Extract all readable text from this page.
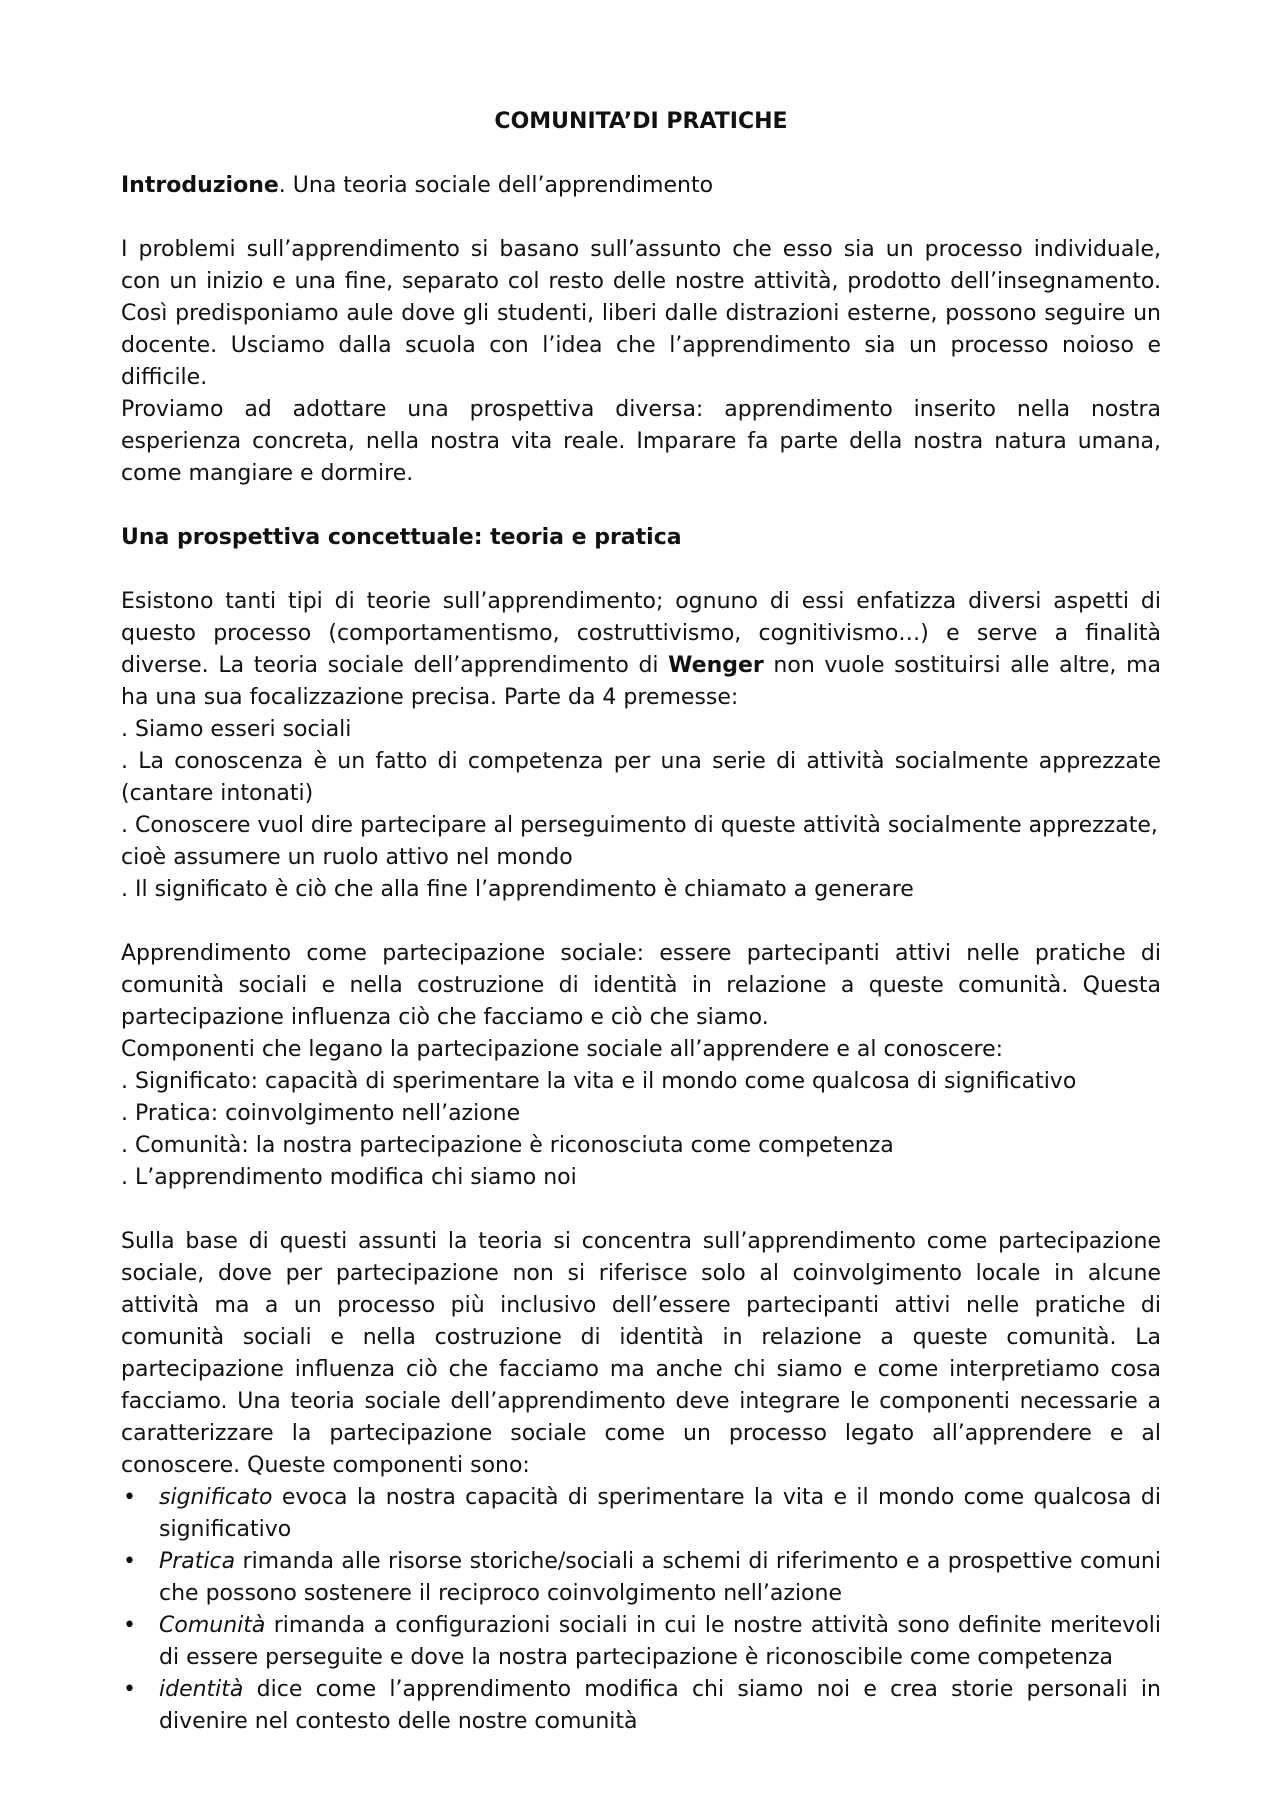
COMUNITA’DI PRATICHE

Introduzione. Una teoria sociale dell’apprendimento

I problemi sull’apprendimento si basano sull’assunto che esso sia un processo individuale, con un inizio e una fine, separato col resto delle nostre attività, prodotto dell’insegnamento. Così predisponiamo aule dove gli studenti, liberi dalle distrazioni esterne, possono seguire un docente. Usciamo dalla scuola con l’idea che l’apprendimento sia un processo noioso e difficile.

Proviamo ad adottare una prospettiva diversa: apprendimento inserito nella nostra esperienza concreta, nella nostra vita reale. Imparare fa parte della nostra natura umana, come mangiare e dormire.

Una prospettiva concettuale: teoria e pratica

Esistono tanti tipi di teorie sull’apprendimento; ognuno di essi enfatizza diversi aspetti di questo processo (comportamentismo, costruttivismo, cognitivismo…) e serve a finalità diverse. La teoria sociale dell’apprendimento di Wenger non vuole sostituirsi alle altre, ma ha una sua focalizzazione precisa. Parte da 4 premesse:

. Siamo esseri sociali

. La conoscenza è un fatto di competenza per una serie di attività socialmente apprezzate (cantare intonati)

. Conoscere vuol dire partecipare al perseguimento di queste attività socialmente apprezzate,

cioè assumere un ruolo attivo nel mondo

. Il significato è ciò che alla fine l’apprendimento è chiamato a generare

Apprendimento come partecipazione sociale: essere partecipanti attivi nelle pratiche di comunità sociali e nella costruzione di identità in relazione a queste comunità. Questa partecipazione influenza ciò che facciamo e ciò che siamo.

Componenti che legano la partecipazione sociale all’apprendere e al conoscere:

. Significato: capacità di sperimentare la vita e il mondo come qualcosa di significativo

. Pratica: coinvolgimento nell’azione

. Comunità: la nostra partecipazione è riconosciuta come competenza

. L’apprendimento modifica chi siamo noi

Sulla base di questi assunti la teoria si concentra sull’apprendimento come partecipazione sociale, dove per partecipazione non si riferisce solo al coinvolgimento locale in alcune attività ma a un processo più inclusivo dell’essere partecipanti attivi nelle pratiche di comunità sociali e nella costruzione di identità in relazione a queste comunità. La partecipazione influenza ciò che facciamo ma anche chi siamo e come interpretiamo cosa facciamo. Una teoria sociale dell’apprendimento deve integrare le componenti necessarie a caratterizzare la partecipazione sociale come un processo legato all’apprendere e al conoscere. Queste componenti sono:

• significato evoca la nostra capacità di sperimentare la vita e il mondo come qualcosa di significativo
• Pratica rimanda alle risorse storiche/sociali a schemi di riferimento e a prospettive comuni che possono sostenere il reciproco coinvolgimento nell’azione
• Comunità rimanda a configurazioni sociali in cui le nostre attività sono definite meritevoli di essere perseguite e dove la nostra partecipazione è riconoscibile come competenza
• identità dice come l’apprendimento modifica chi siamo noi e crea storie personali in divenire nel contesto delle nostre comunità
